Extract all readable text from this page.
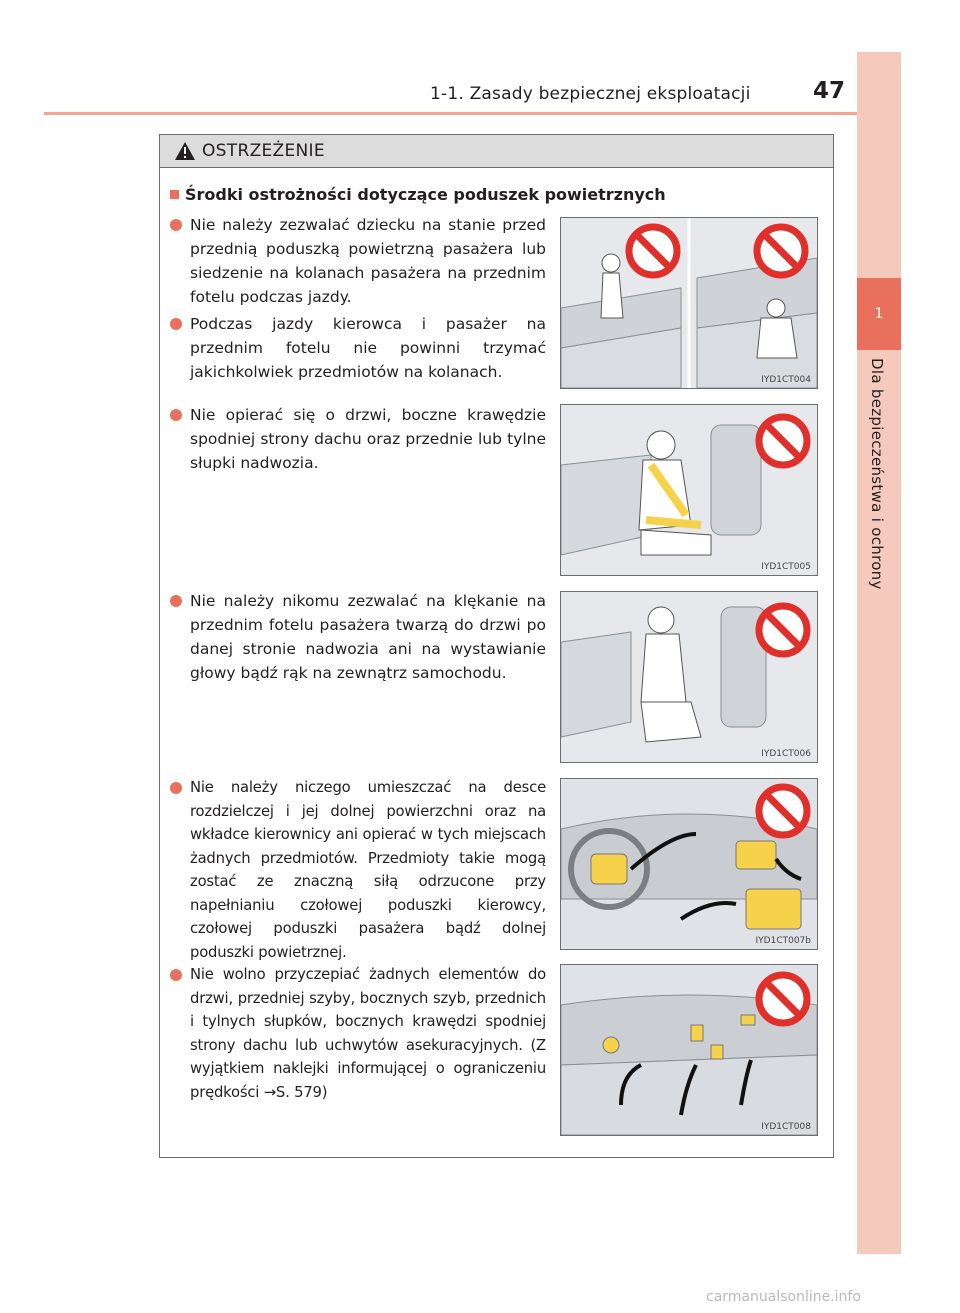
1
Dla bezpieczeństwa i ochrony
1-1. Zasady bezpiecznej eksploatacji	47
OSTRZEŻENIE
Środki ostrożności dotyczące poduszek powietrznych
Nie należy zezwalać dziecku na stanie przed przednią poduszką powietrzną pasażera lub siedzenie na kolanach pasażera na przednim fotelu podczas jazdy.
Podczas jazdy kierowca i pasażer na przednim fotelu nie powinni trzymać jakichkolwiek przedmiotów na kolanach.
Nie opierać się o drzwi, boczne krawędzie spodniej strony dachu oraz przednie lub tylne słupki nadwozia.
Nie należy nikomu zezwalać na klękanie na przednim fotelu pasażera twarzą do drzwi po danej stronie nadwozia ani na wystawianie głowy bądź rąk na zewnątrz samochodu.
Nie należy niczego umieszczać na desce rozdzielczej i jej dolnej powierzchni oraz na wkładce kierownicy ani opierać w tych miejscach żadnych przedmiotów. Przedmioty takie mogą zostać ze znaczną siłą odrzucone przy napełnianiu czołowej poduszki kierowcy, czołowej poduszki pasażera bądź dolnej poduszki powietrznej.
Nie wolno przyczepiać żadnych elementów do drzwi, przedniej szyby, bocznych szyb, przednich i tylnych słupków, bocznych krawędzi spodniej strony dachu lub uchwytów asekuracyjnych. (Z wyjątkiem naklejki informującej o ograniczeniu prędkości →S. 579)
IYD1CT004
IYD1CT005
IYD1CT006
IYD1CT007b
IYD1CT008
carmanualsonline.info
